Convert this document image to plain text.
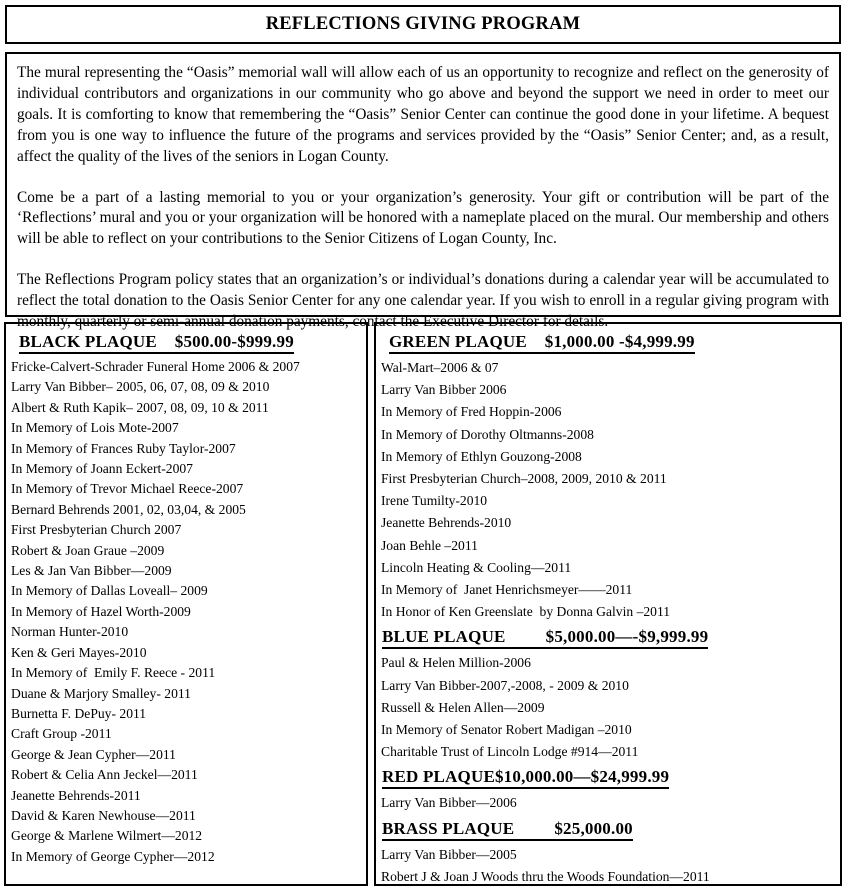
REFLECTIONS GIVING PROGRAM

The mural representing the “Oasis” memorial wall will allow each of us an opportunity to recognize and reflect on the generosity of individual contributors and organizations in our community who go above and beyond the support we need in order to meet our goals. It is comforting to know that remembering the “Oasis” Senior Center can continue the good done in your lifetime. A bequest from you is one way to influence the future of the programs and services provided by the “Oasis” Senior Center; and, as a result, affect the quality of the lives of the seniors in Logan County.

Come be a part of a lasting memorial to you or your organization’s generosity. Your gift or contribution will be part of the ‘Reflections’ mural and you or your organization will be honored with a nameplate placed on the mural. Our membership and others will be able to reflect on your contributions to the Senior Citizens of Logan County, Inc.

The Reflections Program policy states that an organization’s or individual’s donations during a calendar year will be accumulated to reflect the total donation to the Oasis Senior Center for any one calendar year. If you wish to enroll in a regular giving program with monthly, quarterly or semi-annual donation payments, contact the Executive Director for details.

BLACK PLAQUE    $500.00-$999.99
Fricke-Calvert-Schrader Funeral Home 2006 & 2007
Larry Van Bibber– 2005, 06, 07, 08, 09 & 2010
Albert & Ruth Kapik– 2007, 08, 09, 10 & 2011
In Memory of Lois Mote-2007
In Memory of Frances Ruby Taylor-2007
In Memory of Joann Eckert-2007
In Memory of Trevor Michael Reece-2007
Bernard Behrends 2001, 02, 03,04, & 2005
First Presbyterian Church 2007
Robert & Joan Graue –2009
Les & Jan Van Bibber—2009
In Memory of Dallas Loveall– 2009
In Memory of Hazel Worth-2009
Norman Hunter-2010
Ken & Geri Mayes-2010
In Memory of  Emily F. Reece - 2011
Duane & Marjory Smalley- 2011
Burnetta F. DePuy- 2011
Craft Group -2011
George & Jean Cypher—2011
Robert & Celia Ann Jeckel—2011
Jeanette Behrends-2011
David & Karen Newhouse—2011
George & Marlene Wilmert—2012
In Memory of George Cypher—2012
GREEN PLAQUE    $1,000.00 -$4,999.99
Wal-Mart–2006 & 07
Larry Van Bibber 2006
In Memory of Fred Hoppin-2006
In Memory of Dorothy Oltmanns-2008
In Memory of Ethlyn Gouzong-2008
First Presbyterian Church–2008, 2009, 2010 & 2011
Irene Tumilty-2010
Jeanette Behrends-2010
Joan Behle –2011
Lincoln Heating & Cooling—2011
In Memory of  Janet Henrichsmeyer——2011
In Honor of Ken Greenslate  by Donna Galvin –2011
BLUE PLAQUE         $5,000.00—-$9,999.99
Paul & Helen Million-2006
Larry Van Bibber-2007,-2008, - 2009 & 2010
Russell & Helen Allen—2009
In Memory of Senator Robert Madigan –2010
Charitable Trust of Lincoln Lodge #914—2011
RED PLAQUE$10,000.00—$24,999.99
Larry Van Bibber—2006
BRASS PLAQUE         $25,000.00
Larry Van Bibber—2005
Robert J & Joan J Woods thru the Woods Foundation—2011
